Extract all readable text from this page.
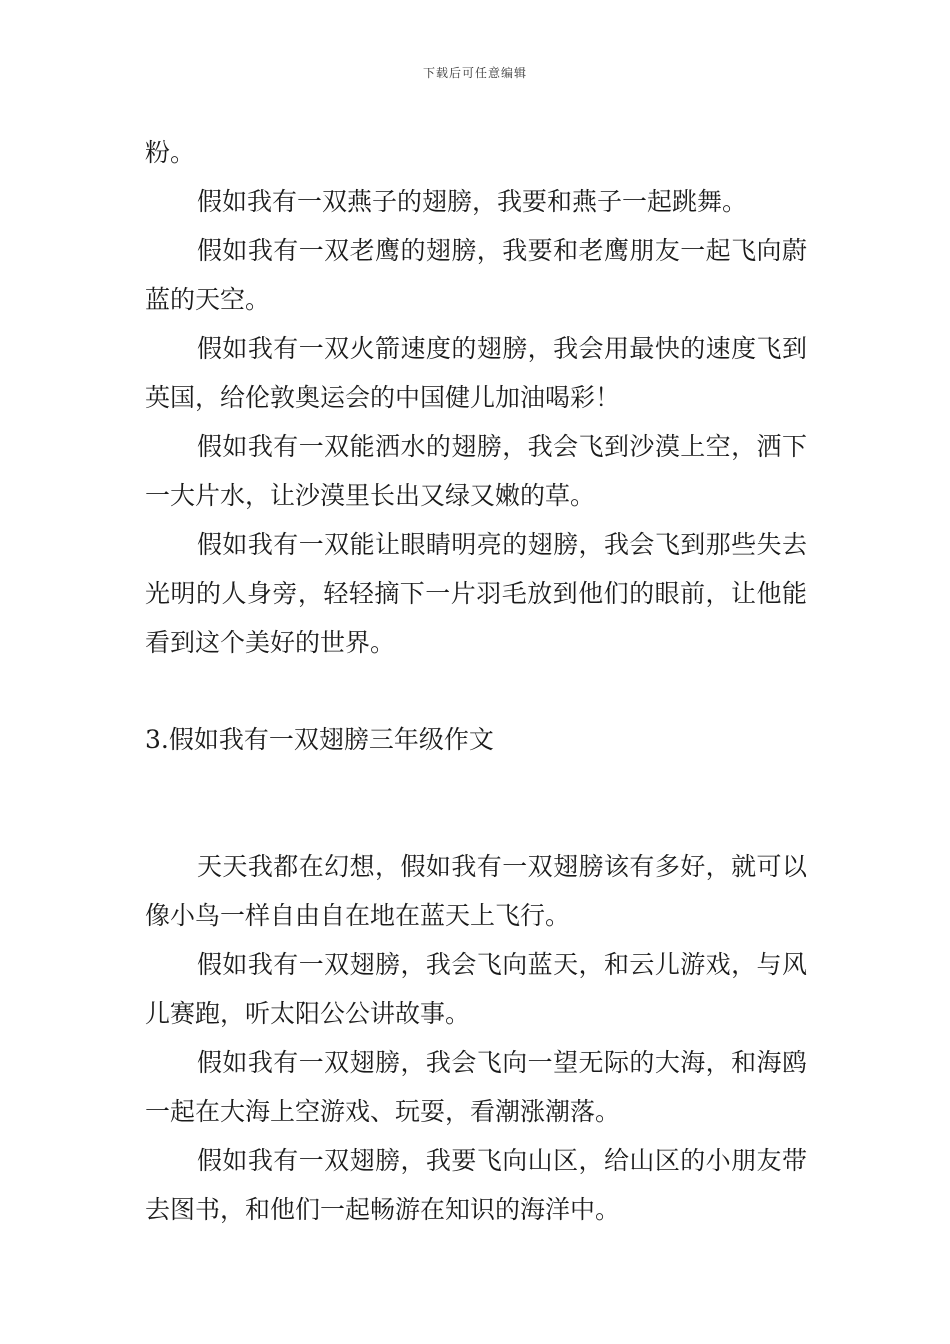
下载后可任意编辑

粉。

假如我有一双燕子的翅膀，我要和燕子一起跳舞。

假如我有一双老鹰的翅膀，我要和老鹰朋友一起飞向蔚蓝的天空。

假如我有一双火箭速度的翅膀，我会用最快的速度飞到英国，给伦敦奥运会的中国健儿加油喝彩！

假如我有一双能洒水的翅膀，我会飞到沙漠上空，洒下一大片水，让沙漠里长出又绿又嫩的草。

假如我有一双能让眼睛明亮的翅膀，我会飞到那些失去光明的人身旁，轻轻摘下一片羽毛放到他们的眼前，让他能看到这个美好的世界。

3.假如我有一双翅膀三年级作文

天天我都在幻想，假如我有一双翅膀该有多好，就可以像小鸟一样自由自在地在蓝天上飞行。

假如我有一双翅膀，我会飞向蓝天，和云儿游戏，与风儿赛跑，听太阳公公讲故事。

假如我有一双翅膀，我会飞向一望无际的大海，和海鸥一起在大海上空游戏、玩耍，看潮涨潮落。

假如我有一双翅膀，我要飞向山区，给山区的小朋友带去图书，和他们一起畅游在知识的海洋中。
